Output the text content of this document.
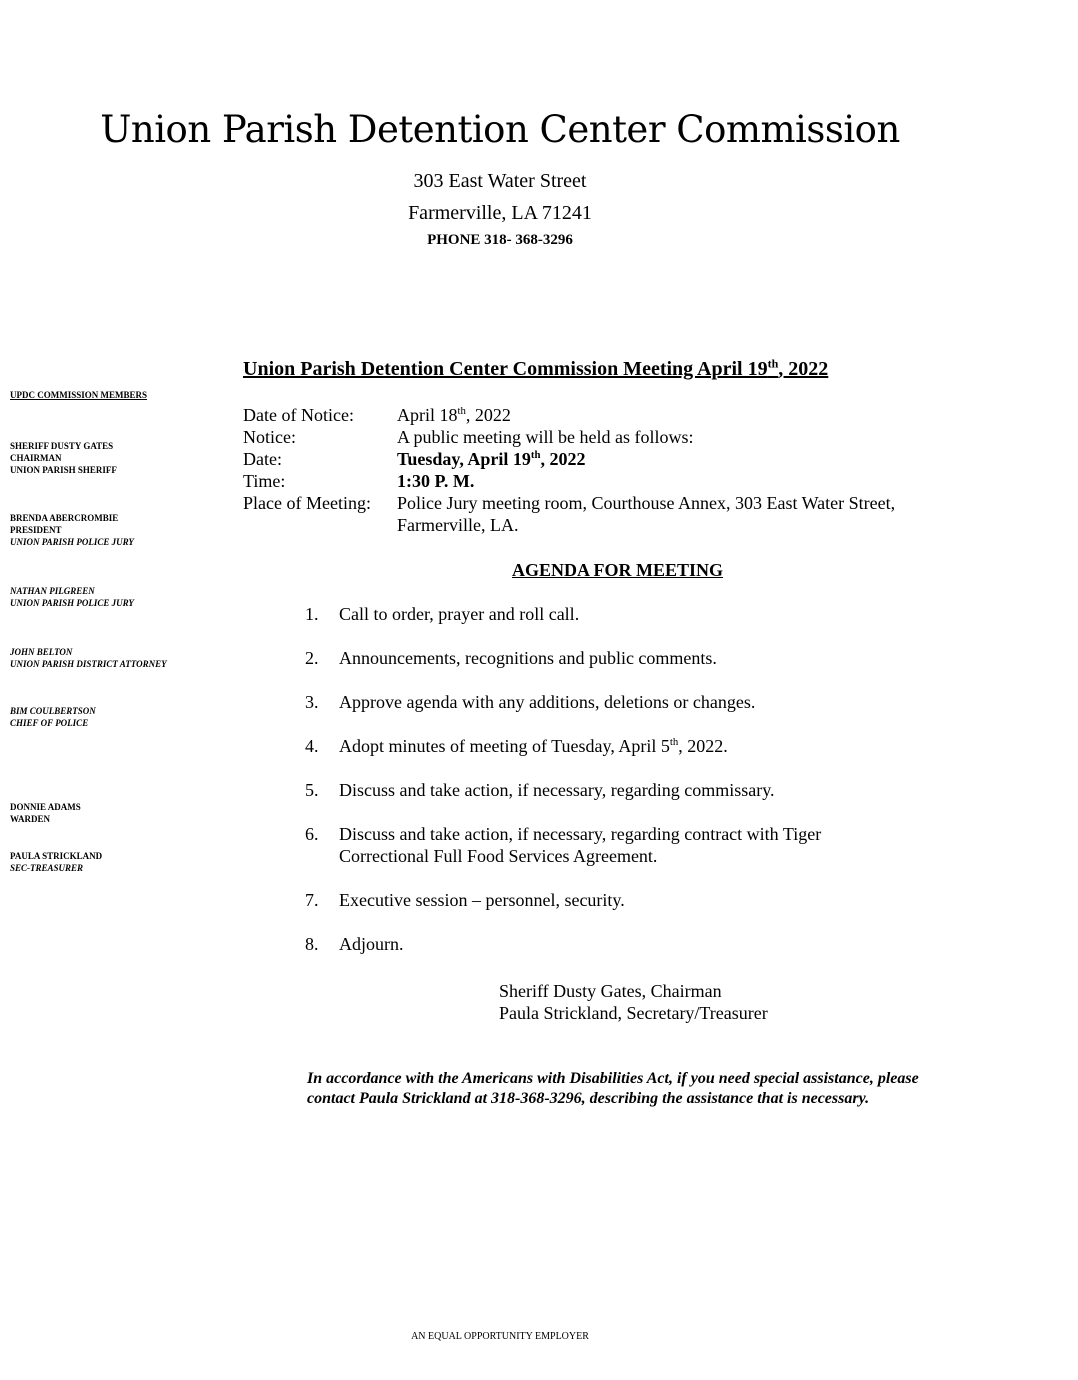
Union Parish Detention Center Commission
303 East Water Street
Farmerville, LA 71241
PHONE 318- 368-3296
Union Parish Detention Center Commission Meeting April 19th, 2022
UPDC COMMISSION MEMBERS
SHERIFF DUSTY GATES
CHAIRMAN
UNION PARISH SHERIFF
BRENDA ABERCROMBIE
PRESIDENT
UNION PARISH POLICE JURY
NATHAN PILGREEN
UNION PARISH POLICE JURY
JOHN BELTON
UNION PARISH DISTRICT ATTORNEY
BIM COULBERTSON
CHIEF OF POLICE
DONNIE ADAMS
WARDEN
PAULA STRICKLAND
SEC-TREASURER
Date of Notice: April 18th, 2022
Notice:	A public meeting will be held as follows:
Date:	Tuesday, April 19th, 2022
Time:	1:30 P. M.
Place of Meeting: Police Jury meeting room, Courthouse Annex, 303 East Water Street, Farmerville, LA.
AGENDA FOR MEETING
1. Call to order, prayer and roll call.
2. Announcements, recognitions and public comments.
3. Approve agenda with any additions, deletions or changes.
4. Adopt minutes of meeting of Tuesday, April 5th, 2022.
5. Discuss and take action, if necessary, regarding commissary.
6. Discuss and take action, if necessary, regarding contract with Tiger Correctional Full Food Services Agreement.
7. Executive session – personnel, security.
8. Adjourn.
Sheriff Dusty Gates, Chairman
Paula Strickland, Secretary/Treasurer
In accordance with the Americans with Disabilities Act, if you need special assistance, please contact Paula Strickland at 318-368-3296, describing the assistance that is necessary.
AN EQUAL OPPORTUNITY EMPLOYER
